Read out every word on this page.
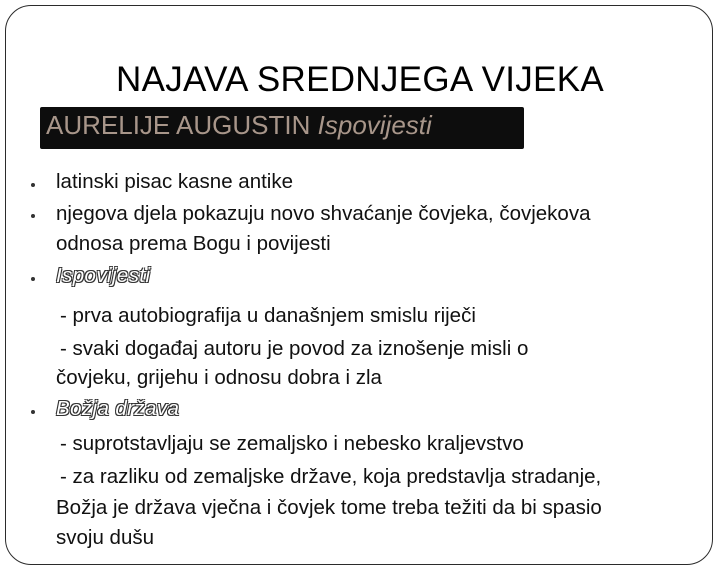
NAJAVA SREDNJEGA VIJEKA
AURELIJE AUGUSTIN Ispovijesti
latinski pisac kasne antike
njegova djela pokazuju novo shvaćanje čovjeka, čovjekova
odnosa prema Bogu i povijesti
Ispovijesti
- prva autobiografija u današnjem smislu riječi
- svaki događaj autoru je povod za iznošenje misli o
čovjeku, grijehu i odnosu dobra i zla
Božja država
- suprotstavljaju se zemaljsko i nebesko kraljevstvo
- za razliku od zemaljske države, koja predstavlja stradanje,
Božja je država vječna i čovjek tome treba težiti da bi spasio
svoju dušu
